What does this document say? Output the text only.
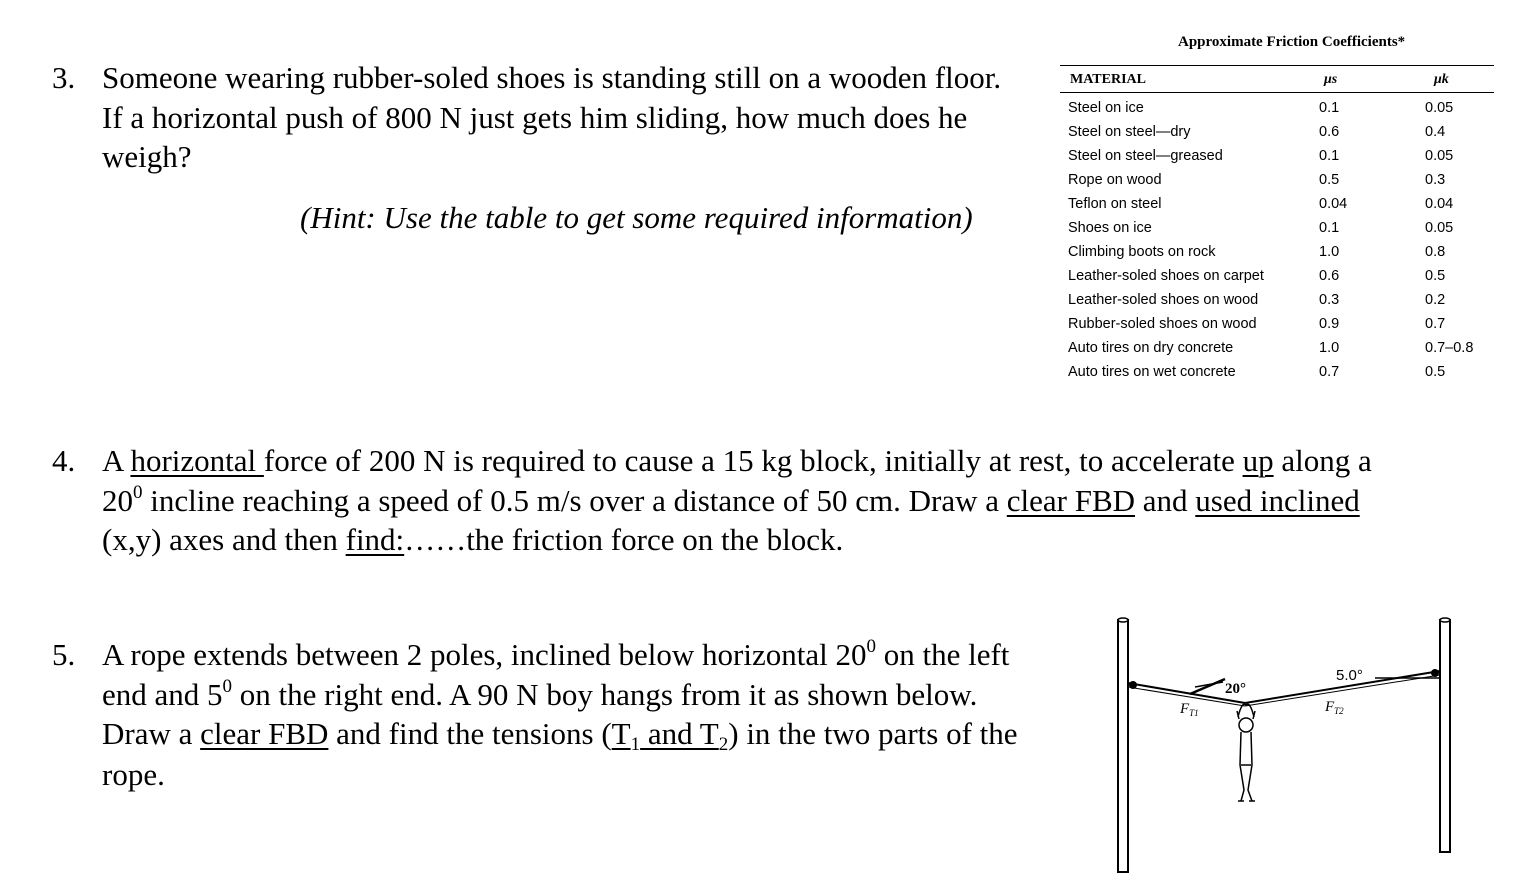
3. Someone wearing rubber-soled shoes is standing still on a wooden floor.
If a horizontal push of 800 N just gets him sliding, how much does he
weigh?
(Hint: Use the table to get some required information)
Approximate Friction Coefficients*
MATERIAL	μs	μk
Steel on ice	0.1	0.05
Steel on steel—dry	0.6	0.4
Steel on steel—greased	0.1	0.05
Rope on wood	0.5	0.3
Teflon on steel	0.04	0.04
Shoes on ice	0.1	0.05
Climbing boots on rock	1.0	0.8
Leather-soled shoes on carpet	0.6	0.5
Leather-soled shoes on wood	0.3	0.2
Rubber-soled shoes on wood	0.9	0.7
Auto tires on dry concrete	1.0	0.7–0.8
Auto tires on wet concrete	0.7	0.5
4. A horizontal force of 200 N is required to cause a 15 kg block, initially at rest, to accelerate up along a
$20^0$ incline reaching a speed of 0.5 m/s over a distance of 50 cm. Draw a clear FBD and used inclined
(x,y) axes and then find:……the friction force on the block.
5. A rope extends between 2 poles, inclined below horizontal $20^0$ on the left
end and $5^0$ on the right end. A 90 N boy hangs from it as shown below.
Draw a clear FBD and find the tensions ($T_1$ and $T_2$) in the two parts of the
rope.
20°
5.0°
$F_{T1}$	$F_{T2}$
